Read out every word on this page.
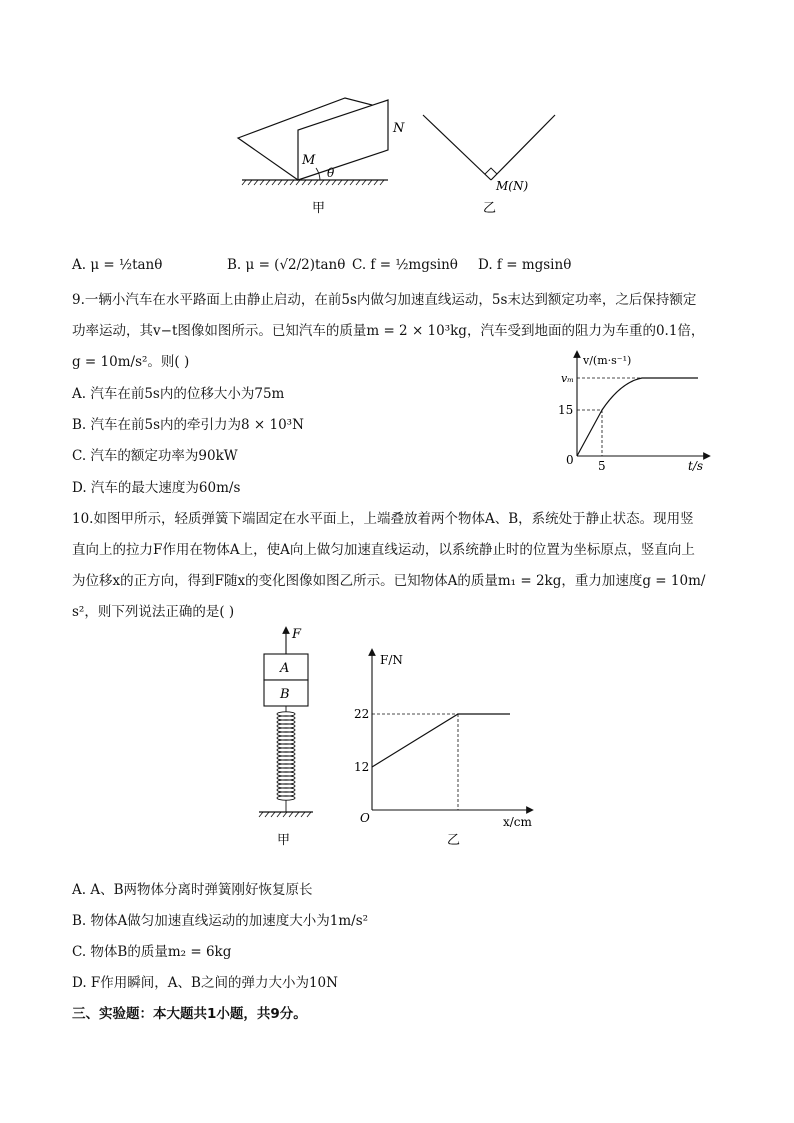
N
M
θ
甲
M(N)
乙
A. μ = ½tanθ	B. μ = (√2/2)tanθ C. f = ½mgsinθ D. f = mgsinθ
9.一辆小汽车在水平路面上由静止启动，在前5s内做匀加速直线运动，5s末达到额定功率，之后保持额定
功率运动，其v−t图像如图所示。已知汽车的质量m = 2 × 10³kg，汽车受到地面的阻力为车重的0.1倍，
g = 10m/s²。则( )
A. 汽车在前5s内的位移大小为75m
B. 汽车在前5s内的牵引力为8 × 10³N
C. 汽车的额定功率为90kW
D. 汽车的最大速度为60m/s
v/(m·s⁻¹)
vₘ
15
0 5	t/s
10.如图甲所示，轻质弹簧下端固定在水平面上，上端叠放着两个物体A、B，系统处于静止状态。现用竖
直向上的拉力F作用在物体A上，使A向上做匀加速直线运动，以系统静止时的位置为坐标原点，竖直向上
为位移x的正方向，得到F随x的变化图像如图乙所示。已知物体A的质量m₁ = 2kg，重力加速度g = 10m/
s²，则下列说法正确的是( )
F
A
B
甲
F/N
22
12
O	x/cm
乙
A. A、B两物体分离时弹簧刚好恢复原长
B. 物体A做匀加速直线运动的加速度大小为1m/s²
C. 物体B的质量m₂ = 6kg
D. F作用瞬间，A、B之间的弹力大小为10N
三、实验题：本大题共1小题，共9分。
